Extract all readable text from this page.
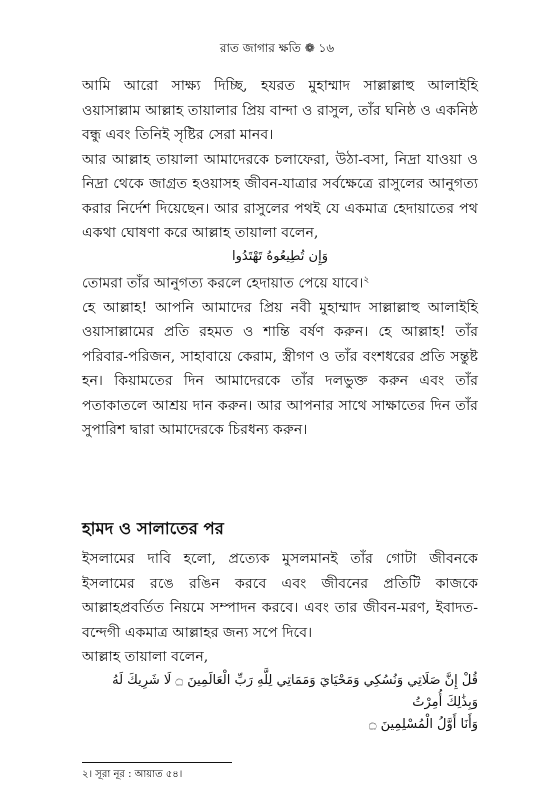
রাত জাগার ক্ষতি ❁ ১৬

আমি আরো সাক্ষ্য দিচ্ছি, হযরত মুহাম্মাদ সাল্লাল্লাহু আলাইহি ওয়াসাল্লাম আল্লাহ তায়ালার প্রিয় বান্দা ও রাসুল, তাঁর ঘনিষ্ঠ ও একনিষ্ঠ বন্ধু এবং তিনিই সৃষ্টির সেরা মানব।

আর আল্লাহ তায়ালা আমাদেরকে চলাফেরা, উঠা-বসা, নিদ্রা যাওয়া ও নিদ্রা থেকে জাগ্রত হওয়াসহ জীবন-যাত্রার সর্বক্ষেত্রে রাসুলের আনুগত্য করার নির্দেশ দিয়েছেন। আর রাসুলের পথই যে একমাত্র হেদায়াতের পথ একথা ঘোষণা করে আল্লাহ তায়ালা বলেন,

وَإِن تُطِيعُوهُ تَهْتَدُوا

তোমরা তাঁর আনুগত্য করলে হেদায়াত পেয়ে যাবে।$^২$

হে আল্লাহ! আপনি আমাদের প্রিয় নবী মুহাম্মাদ সাল্লাল্লাহু আলাইহি ওয়াসাল্লামের প্রতি রহমত ও শান্তি বর্ষণ করুন। হে আল্লাহ! তাঁর পরিবার-পরিজন, সাহাবায়ে কেরাম, স্ত্রীগণ ও তাঁর বংশধরের প্রতি সন্তুষ্ট হন। কিয়ামতের দিন আমাদেরকে তাঁর দলভুক্ত করুন এবং তাঁর পতাকাতলে আশ্রয় দান করুন। আর আপনার সাথে সাক্ষাতের দিন তাঁর সুপারিশ দ্বারা আমাদেরকে চিরধন্য করুন।

হামদ ও সালাতের পর

ইসলামের দাবি হলো, প্রত্যেক মুসলমানই তাঁর গোটা জীবনকে ইসলামের রঙে রঙিন করবে এবং জীবনের প্রতিটি কাজকে আল্লাহপ্রবর্তিত নিয়মে সম্পাদন করবে। এবং তার জীবন-মরণ, ইবাদত-বন্দেগী একমাত্র আল্লাহর জন্য সপে দিবে।

আল্লাহ তায়ালা বলেন,

قُلْ إِنَّ صَلَاتِي وَنُسُكِي وَمَحْيَايَ وَمَمَاتِي لِلَّهِ رَبِّ الْعَالَمِينَ ۝ لَا شَرِيكَ لَهُ وَبِذَٰلِكَ أُمِرْتُ

وَأَنَا أَوَّلُ الْمُسْلِمِينَ ۝

২। সূরা নূর : আয়াত ৫৪।
